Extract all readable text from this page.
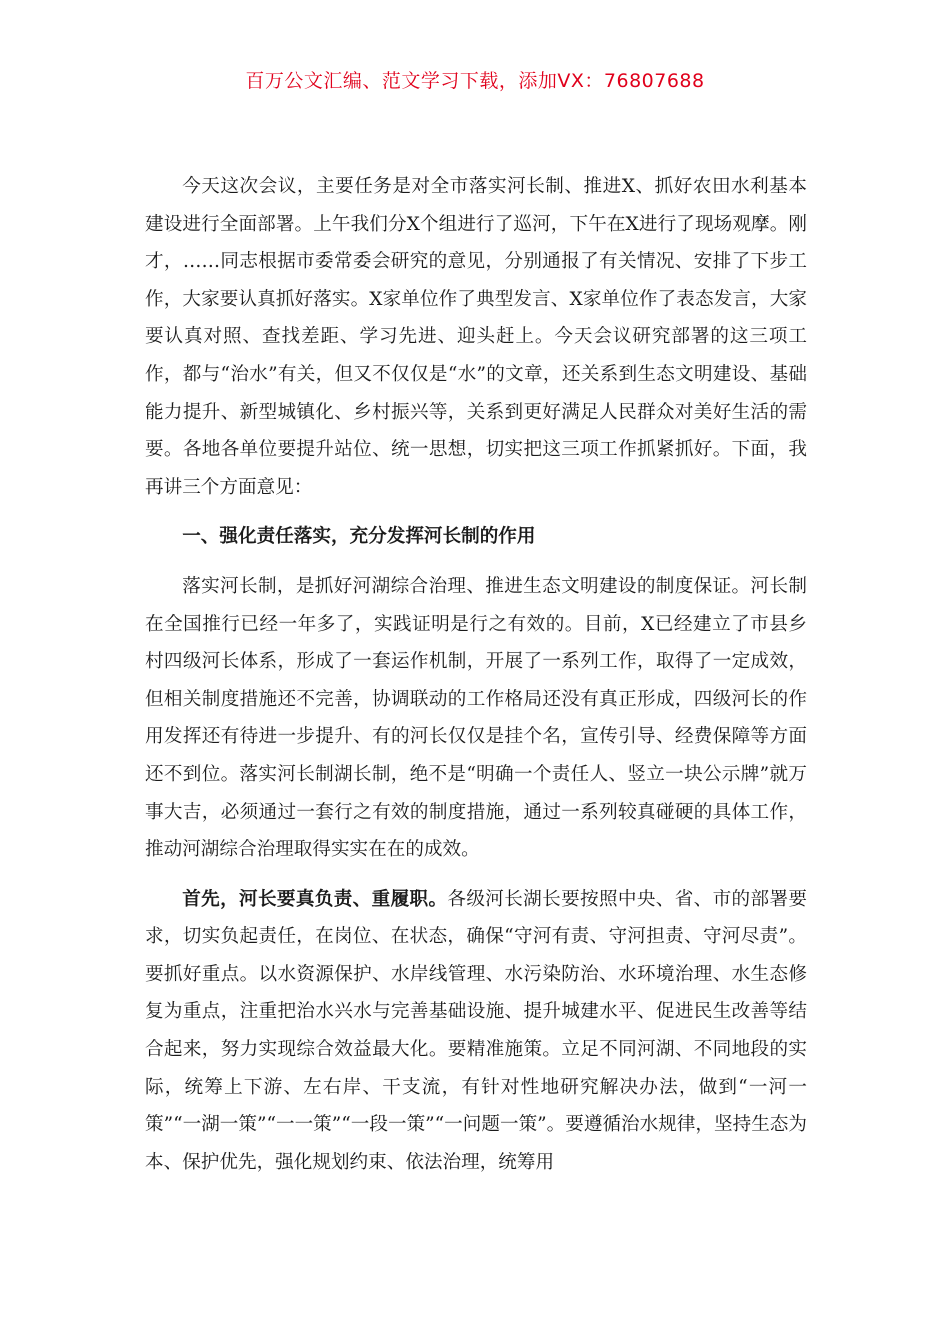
百万公文汇编、范文学习下载，添加VX：76807688

今天这次会议，主要任务是对全市落实河长制、推进X、抓好农田水利基本建设进行全面部署。上午我们分X个组进行了巡河，下午在X进行了现场观摩。刚才，……同志根据市委常委会研究的意见，分别通报了有关情况、安排了下步工作，大家要认真抓好落实。X家单位作了典型发言、X家单位作了表态发言，大家要认真对照、查找差距、学习先进、迎头赶上。今天会议研究部署的这三项工作，都与“治水”有关，但又不仅仅是“水”的文章，还关系到生态文明建设、基础能力提升、新型城镇化、乡村振兴等，关系到更好满足人民群众对美好生活的需要。各地各单位要提升站位、统一思想，切实把这三项工作抓紧抓好。下面，我再讲三个方面意见：

一、强化责任落实，充分发挥河长制的作用

落实河长制，是抓好河湖综合治理、推进生态文明建设的制度保证。河长制在全国推行已经一年多了，实践证明是行之有效的。目前，X已经建立了市县乡村四级河长体系，形成了一套运作机制，开展了一系列工作，取得了一定成效，但相关制度措施还不完善，协调联动的工作格局还没有真正形成，四级河长的作用发挥还有待进一步提升、有的河长仅仅是挂个名，宣传引导、经费保障等方面还不到位。落实河长制湖长制，绝不是“明确一个责任人、竖立一块公示牌”就万事大吉，必须通过一套行之有效的制度措施，通过一系列较真碰硬的具体工作，推动河湖综合治理取得实实在在的成效。

首先，河长要真负责、重履职。各级河长湖长要按照中央、省、市的部署要求，切实负起责任，在岗位、在状态，确保“守河有责、守河担责、守河尽责”。要抓好重点。以水资源保护、水岸线管理、水污染防治、水环境治理、水生态修复为重点，注重把治水兴水与完善基础设施、提升城建水平、促进民生改善等结合起来，努力实现综合效益最大化。要精准施策。立足不同河湖、不同地段的实际，统筹上下游、左右岸、干支流，有针对性地研究解决办法，做到“一河一策”“一湖一策”“一一策”“一段一策”“一问题一策”。要遵循治水规律，坚持生态为本、保护优先，强化规划约束、依法治理，统筹用
